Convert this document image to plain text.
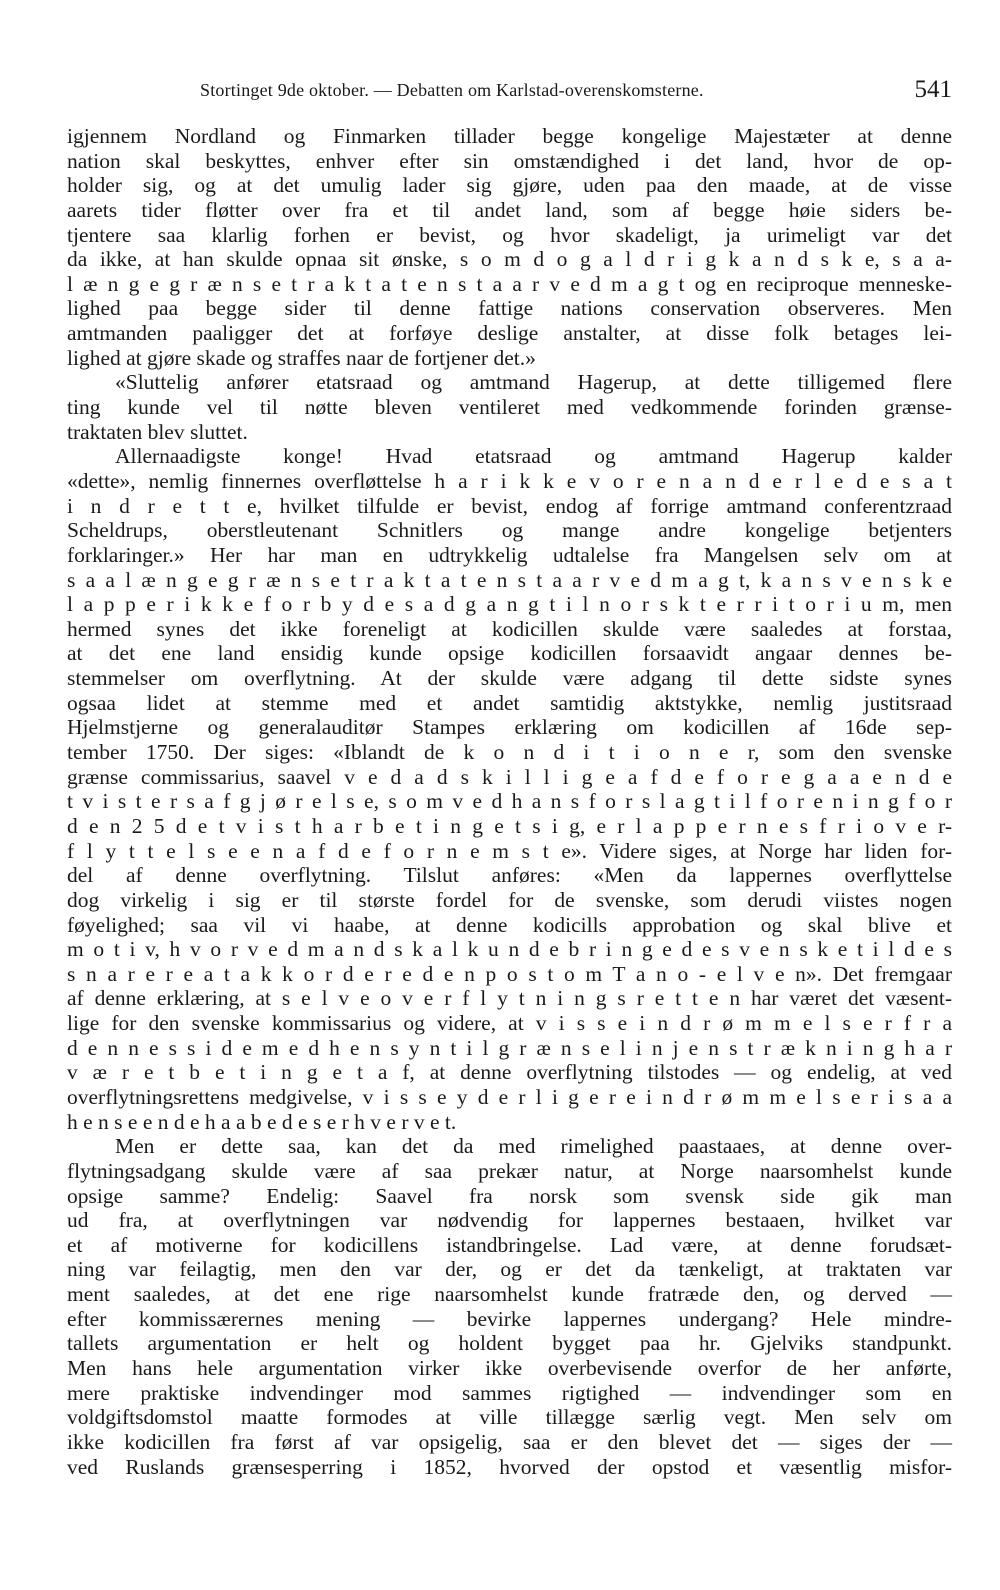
Stortinget 9de oktober. — Debatten om Karlstad-overenskomsterne.	541
igjennem Nordland og Finmarken tillader begge kongelige Majestæter at denne
nation skal beskyttes, enhver efter sin omstændighed i det land, hvor de op-
holder sig, og at det umulig lader sig gjøre, uden paa den maade, at de visse
aarets tider fløtter over fra et til andet land, som af begge høie siders be-
tjentere saa klarlig forhen er bevist, og hvor skadeligt, ja urimeligt var det
da ikke, at han skulde opnaa sit ønske, s o m d o g a l d r i g k a n d s k e, s a a-
l æ n g e g r æ n s e t r a k t a t e n s t a a r v e d m a g t og en reciproque menneske-
lighed paa begge sider til denne fattige nations conservation observeres. Men
amtmanden paaligger det at forføye deslige anstalter, at disse folk betages lei-
lighed at gjøre skade og straffes naar de fortjener det.»
«Sluttelig anfører etatsraad og amtmand Hagerup, at dette tilligemed flere
ting kunde vel til nøtte bleven ventileret med vedkommende forinden grænse-
traktaten blev sluttet.
Allernaadigste konge! Hvad etatsraad og amtmand Hagerup kalder
«dette», nemlig finnernes overfløttelse h a r i k k e v o r e n a n d e r l e d e s a t
i n d r e t t e, hvilket tilfulde er bevist, endog af forrige amtmand conferentzraad
Scheldrups, oberstleutenant Schnitlers og mange andre kongelige betjenters
forklaringer.» Her har man en udtrykkelig udtalelse fra Mangelsen selv om at
s a a l æ n g e g r æ n s e t r a k t a t e n s t a a r v e d m a g t, k a n s v e n s k e
l a p p e r i k k e f o r b y d e s a d g a n g t i l n o r s k t e r r i t o r i u m, men
hermed synes det ikke foreneligt at kodicillen skulde være saaledes at forstaa,
at det ene land ensidig kunde opsige kodicillen forsaavidt angaar dennes be-
stemmelser om overflytning. At der skulde være adgang til dette sidste synes
ogsaa lidet at stemme med et andet samtidig aktstykke, nemlig justitsraad
Hjelmstjerne og generalauditør Stampes erklæring om kodicillen af 16de sep-
tember 1750. Der siges: «Iblandt de k o n d i t i o n e r, som den svenske
grænse commissarius, saavel v e d a d s k i l l i g e a f d e f o r e g a a e n d e
t v i s t e r s a f g j ø r e l s e, s o m v e d h a n s f o r s l a g t i l f o r e n i n g f o r
d e n 2 5 d e t v i s t h a r b e t i n g e t s i g, e r l a p p e r n e s f r i o v e r-
f l y t t e l s e e n a f d e f o r n e m s t e». Videre siges, at Norge har liden for-
del af denne overflytning. Tilslut anføres: «Men da lappernes overflyttelse
dog virkelig i sig er til største fordel for de svenske, som derudi viistes nogen
føyelighed; saa vil vi haabe, at denne kodicills approbation og skal blive et
m o t i v, h v o r v e d m a n d s k a l k u n d e b r i n g e d e s v e n s k e t i l d e s
s n a r e r e a t a k k o r d e r e d e n p o s t o m T a n o - e l v e n». Det fremgaar
af denne erklæring, at s e l v e o v e r f l y t n i n g s r e t t e n har været det væsent-
lige for den svenske kommissarius og videre, at v i s s e i n d r ø m m e l s e r f r a
d e n n e s s i d e m e d h e n s y n t i l g r æ n s e l i n j e n s t r æ k n i n g h a r
v æ r e t b e t i n g e t a f, at denne overflytning tilstodes — og endelig, at ved
overflytningsrettens medgivelse, v i s s e y d e r l i g e r e i n d r ø m m e l s e r i s a a
h e n s e e n d e h a a b e d e s e r h v e r v e t.
Men er dette saa, kan det da med rimelighed paastaaes, at denne over-
flytningsadgang skulde være af saa prekær natur, at Norge naarsomhelst kunde
opsige samme? Endelig: Saavel fra norsk som svensk side gik man
ud fra, at overflytningen var nødvendig for lappernes bestaaen, hvilket var
et af motiverne for kodicillens istandbringelse. Lad være, at denne forudsæt-
ning var feilagtig, men den var der, og er det da tænkeligt, at traktaten var
ment saaledes, at det ene rige naarsomhelst kunde fratræde den, og derved —
efter kommissærernes mening — bevirke lappernes undergang? Hele mindre-
tallets argumentation er helt og holdent bygget paa hr. Gjelviks standpunkt.
Men hans hele argumentation virker ikke overbevisende overfor de her anførte,
mere praktiske indvendinger mod sammes rigtighed — indvendinger som en
voldgiftsdomstol maatte formodes at ville tillægge særlig vegt. Men selv om
ikke kodicillen fra først af var opsigelig, saa er den blevet det — siges der —
ved Ruslands grænsesperring i 1852, hvorved der opstod et væsentlig misfor-
